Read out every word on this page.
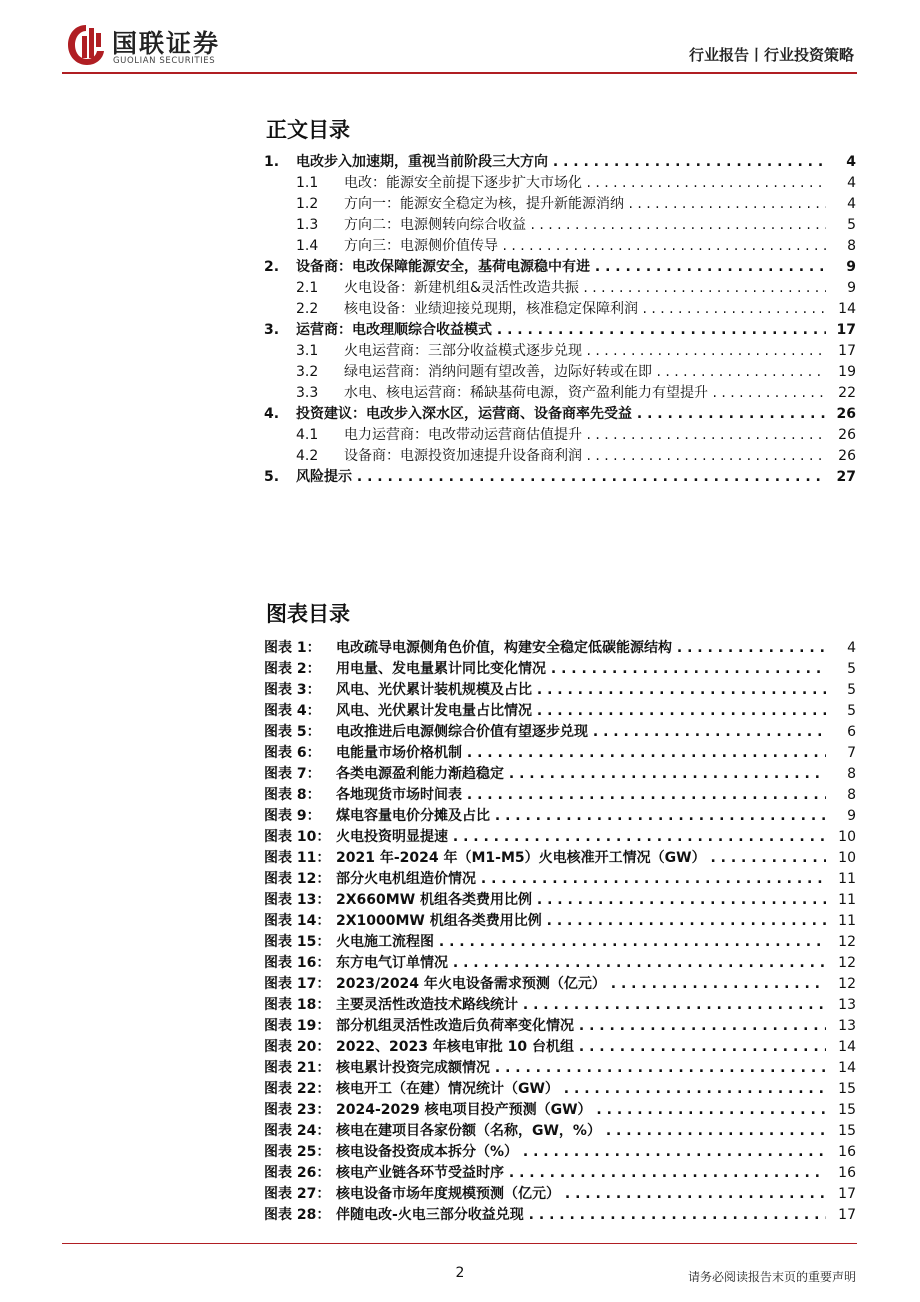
国联证券
GUOLIAN SECURITIES	行业报告丨行业投资策略
正文目录
1. 电改步入加速期，重视当前阶段三大方向 . . .	4
1.1 电改：能源安全前提下逐步扩大市场化 . . .	4
1.2 方向一：能源安全稳定为核，提升新能源消纳 . . .	4
1.3 方向二：电源侧转向综合收益 . . .	5
1.4 方向三：电源侧价值传导 . . .	8
2. 设备商：电改保障能源安全，基荷电源稳中有进 . . .	9
2.1 火电设备：新建机组&灵活性改造共振 . . .	9
2.2 核电设备：业绩迎接兑现期，核准稳定保障利润 . . .	14
3. 运营商：电改理顺综合收益模式 . . .	17
3.1 火电运营商：三部分收益模式逐步兑现 . . .	17
3.2 绿电运营商：消纳问题有望改善，边际好转或在即 . . .	19
3.3 水电、核电运营商：稀缺基荷电源，资产盈利能力有望提升 . . .	22
4. 投资建议：电改步入深水区，运营商、设备商率先受益 . . .	26
4.1 电力运营商：电改带动运营商估值提升 . . .	26
4.2 设备商：电源投资加速提升设备商利润 . . .	26
5. 风险提示 . . .	27
图表目录
图表 1： 电改疏导电源侧角色价值，构建安全稳定低碳能源结构 . . .	4
图表 2： 用电量、发电量累计同比变化情况 . . .	5
图表 3： 风电、光伏累计装机规模及占比 . . .	5
图表 4： 风电、光伏累计发电量占比情况 . . .	5
图表 5： 电改推进后电源侧综合价值有望逐步兑现 . . .	6
图表 6： 电能量市场价格机制 . . .	7
图表 7： 各类电源盈利能力渐趋稳定 . . .	8
图表 8： 各地现货市场时间表 . . .	8
图表 9： 煤电容量电价分摊及占比 . . .	9
图表 10： 火电投资明显提速 . . .	10
图表 11： 2021 年-2024 年（M1-M5）火电核准开工情况（GW） . . .	10
图表 12： 部分火电机组造价情况 . . .	11
图表 13： 2X660MW 机组各类费用比例 . . .	11
图表 14： 2X1000MW 机组各类费用比例 . . .	11
图表 15： 火电施工流程图 . . .	12
图表 16： 东方电气订单情况 . . .	12
图表 17： 2023/2024 年火电设备需求预测（亿元） . . .	12
图表 18： 主要灵活性改造技术路线统计 . . .	13
图表 19： 部分机组灵活性改造后负荷率变化情况 . . .	13
图表 20： 2022、2023 年核电审批 10 台机组 . . .	14
图表 21： 核电累计投资完成额情况 . . .	14
图表 22： 核电开工（在建）情况统计（GW） . . .	15
图表 23： 2024-2029 核电项目投产预测（GW） . . .	15
图表 24： 核电在建项目各家份额（名称，GW，%） . . .	15
图表 25： 核电设备投资成本拆分（%） . . .	16
图表 26： 核电产业链各环节受益时序 . . .	16
图表 27： 核电设备市场年度规模预测（亿元） . . .	17
图表 28： 伴随电改-火电三部分收益兑现 . . .	17
2	请务必阅读报告末页的重要声明
